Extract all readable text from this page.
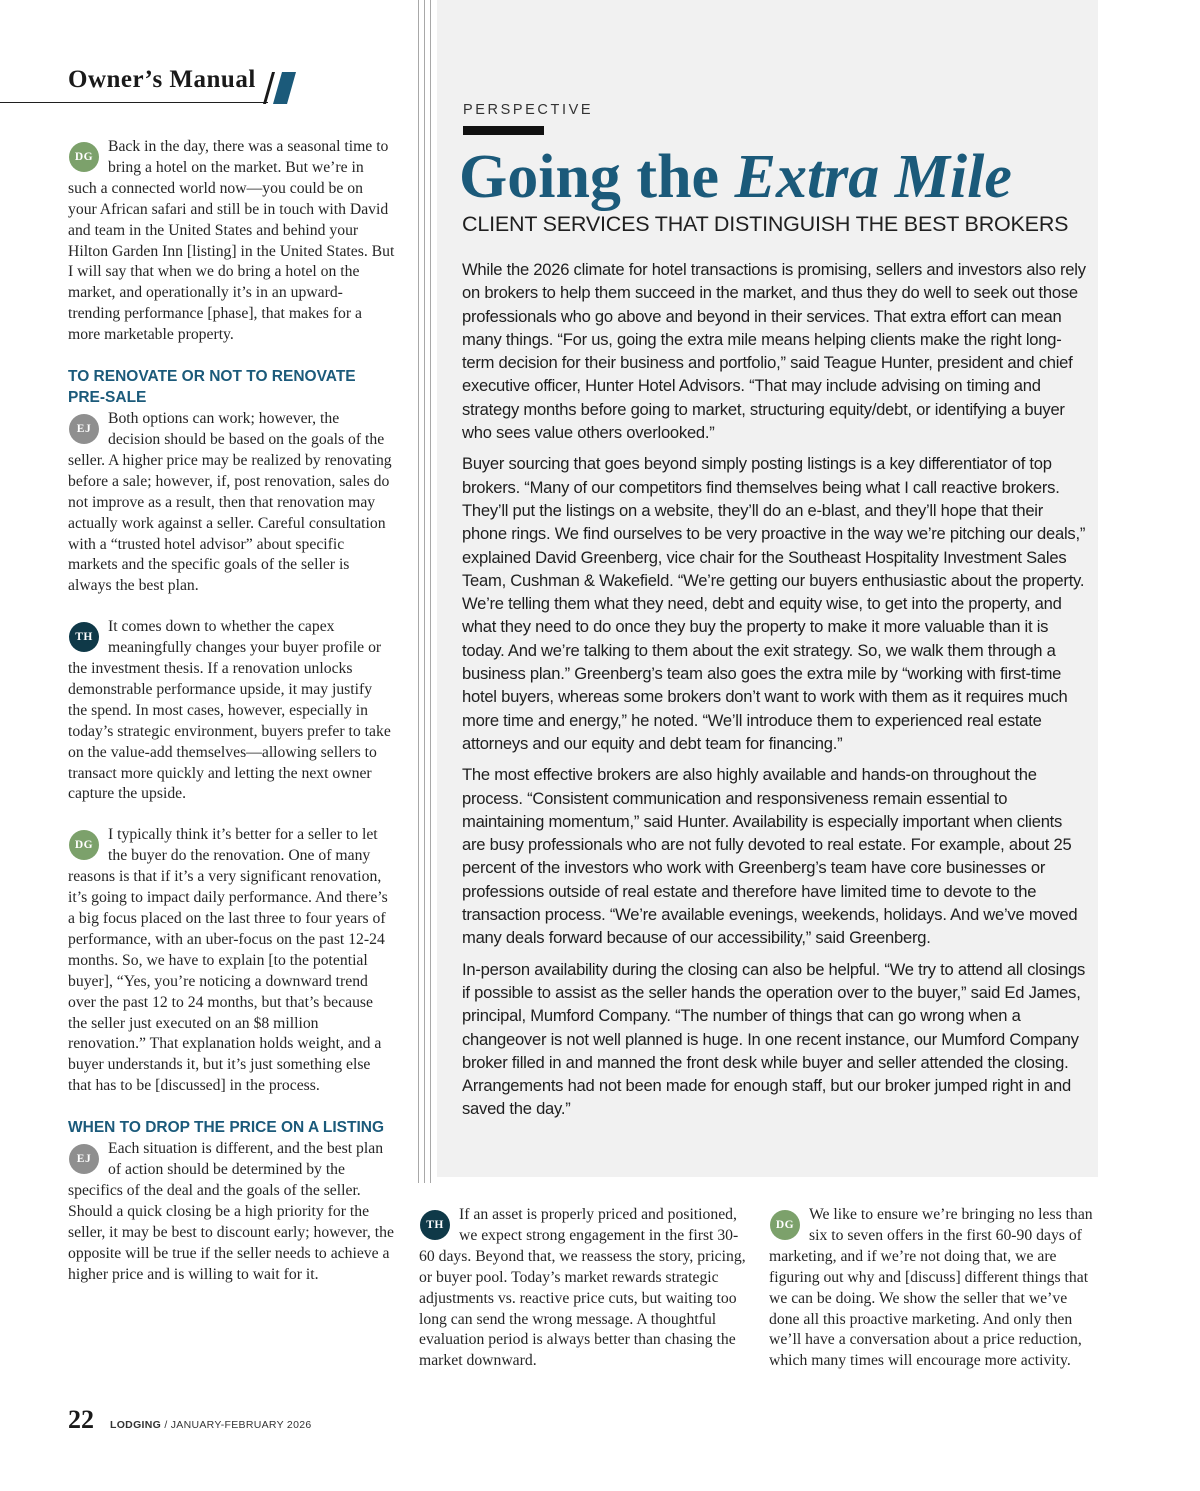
Owner’s Manual
DG

Back in the day, there was a seasonal time to bring a hotel on the market. But we’re in such a connected world now—you could be on your African safari and still be in touch with David and team in the United States and behind your Hilton Garden Inn [listing] in the United States. But I will say that when we do bring a hotel on the market, and operationally it’s in an upward-trending performance [phase], that makes for a more marketable property.

TO RENOVATE OR NOT TO RENOVATE PRE-SALE
EJ

Both options can work; however, the decision should be based on the goals of the seller. A higher price may be realized by renovating before a sale; however, if, post renovation, sales do not improve as a result, then that renovation may actually work against a seller. Careful consultation with a “trusted hotel advisor” about specific markets and the specific goals of the seller is always the best plan.

TH

It comes down to whether the capex meaningfully changes your buyer profile or the investment thesis. If a renovation unlocks demonstrable performance upside, it may justify the spend. In most cases, however, especially in today’s strategic environment, buyers prefer to take on the value-add themselves—allowing sellers to transact more quickly and letting the next owner capture the upside.

DG

I typically think it’s better for a seller to let the buyer do the renovation. One of many reasons is that if it’s a very significant renovation, it’s going to impact daily performance. And there’s a big focus placed on the last three to four years of performance, with an uber-focus on the past 12-24 months. So, we have to explain [to the potential buyer], “Yes, you’re noticing a downward trend over the past 12 to 24 months, but that’s because the seller just executed on an $8 million renovation.” That explanation holds weight, and a buyer understands it, but it’s just something else that has to be [discussed] in the process.

WHEN TO DROP THE PRICE ON A LISTING
EJ

Each situation is different, and the best plan of action should be determined by the specifics of the deal and the goals of the seller. Should a quick closing be a high priority for the seller, it may be best to discount early; however, the opposite will be true if the seller needs to achieve a higher price and is willing to wait for it.

PERSPECTIVE
Going the Extra Mile
CLIENT SERVICES THAT DISTINGUISH THE BEST BROKERS

While the 2026 climate for hotel transactions is promising, sellers and investors also rely on brokers to help them succeed in the market, and thus they do well to seek out those professionals who go above and beyond in their services. That extra effort can mean many things. “For us, going the extra mile means helping clients make the right long-term decision for their business and portfolio,” said Teague Hunter, president and chief executive officer, Hunter Hotel Advisors. “That may include advising on timing and strategy months before going to market, structuring equity/debt, or identifying a buyer who sees value others overlooked.”

Buyer sourcing that goes beyond simply posting listings is a key differentiator of top brokers. “Many of our competitors find themselves being what I call reactive brokers. They’ll put the listings on a website, they’ll do an e-blast, and they’ll hope that their phone rings. We find ourselves to be very proactive in the way we’re pitching our deals,” explained David Greenberg, vice chair for the Southeast Hospitality Investment Sales Team, Cushman & Wakefield. “We’re getting our buyers enthusiastic about the property. We’re telling them what they need, debt and equity wise, to get into the property, and what they need to do once they buy the property to make it more valuable than it is today. And we’re talking to them about the exit strategy. So, we walk them through a business plan.” Greenberg’s team also goes the extra mile by “working with first-time hotel buyers, whereas some brokers don’t want to work with them as it requires much more time and energy,” he noted. “We’ll introduce them to experienced real estate attorneys and our equity and debt team for financing.”

The most effective brokers are also highly available and hands-on throughout the process. “Consistent communication and responsiveness remain essential to maintaining momentum,” said Hunter. Availability is especially important when clients are busy professionals who are not fully devoted to real estate. For example, about 25 percent of the investors who work with Greenberg’s team have core businesses or professions outside of real estate and therefore have limited time to devote to the transaction process. “We’re available evenings, weekends, holidays. And we’ve moved many deals forward because of our accessibility,” said Greenberg.

In-person availability during the closing can also be helpful. “We try to attend all closings if possible to assist as the seller hands the operation over to the buyer,” said Ed James, principal, Mumford Company. “The number of things that can go wrong when a changeover is not well planned is huge. In one recent instance, our Mumford Company broker filled in and manned the front desk while buyer and seller attended the closing. Arrangements had not been made for enough staff, but our broker jumped right in and saved the day.”

TH

If an asset is properly priced and positioned, we expect strong engagement in the first 30-60 days. Beyond that, we reassess the story, pricing, or buyer pool. Today’s market rewards strategic adjustments vs. reactive price cuts, but waiting too long can send the wrong message. A thoughtful evaluation period is always better than chasing the market downward.

DG

We like to ensure we’re bringing no less than six to seven offers in the first 60-90 days of marketing, and if we’re not doing that, we are figuring out why and [discuss] different things that we can be doing. We show the seller that we’ve done all this proactive marketing. And only then we’ll have a conversation about a price reduction, which many times will encourage more activity.

22 LODGING / JANUARY-FEBRUARY 2026
